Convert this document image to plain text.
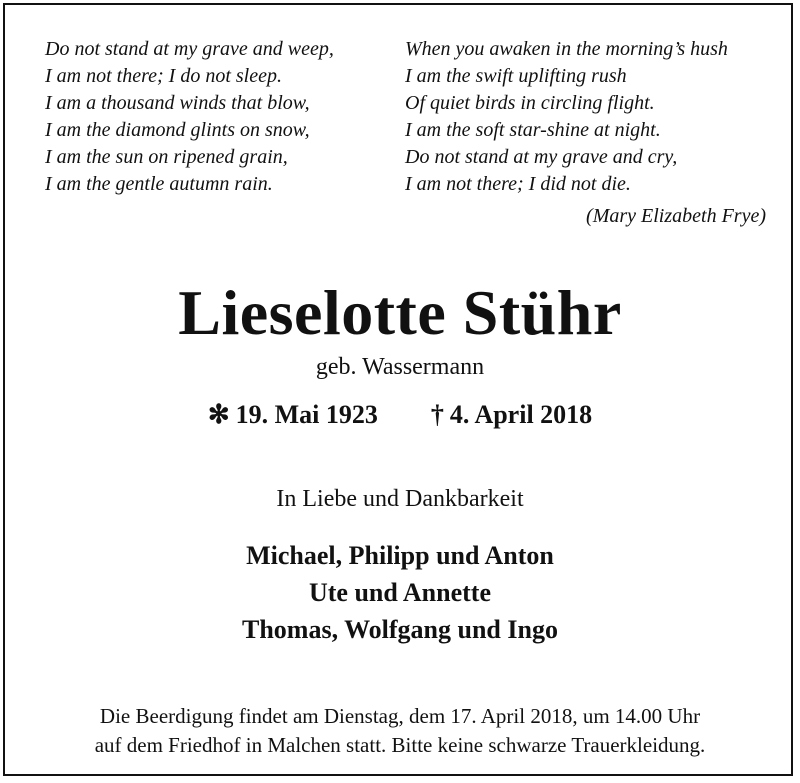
Do not stand at my grave and weep,
I am not there; I do not sleep.
I am a thousand winds that blow,
I am the diamond glints on snow,
I am the sun on ripened grain,
I am the gentle autumn rain.
When you awaken in the morning’s hush
I am the swift uplifting rush
Of quiet birds in circling flight.
I am the soft star-shine at night.
Do not stand at my grave and cry,
I am not there; I did not die.
(Mary Elizabeth Frye)
Lieselotte Stühr
geb. Wassermann
✻ 19. Mai 1923 † 4. April 2018
In Liebe und Dankbarkeit
Michael, Philipp und Anton
Ute und Annette
Thomas, Wolfgang und Ingo
Die Beerdigung findet am Dienstag, dem 17. April 2018, um 14.00 Uhr
auf dem Friedhof in Malchen statt. Bitte keine schwarze Trauerkleidung.
